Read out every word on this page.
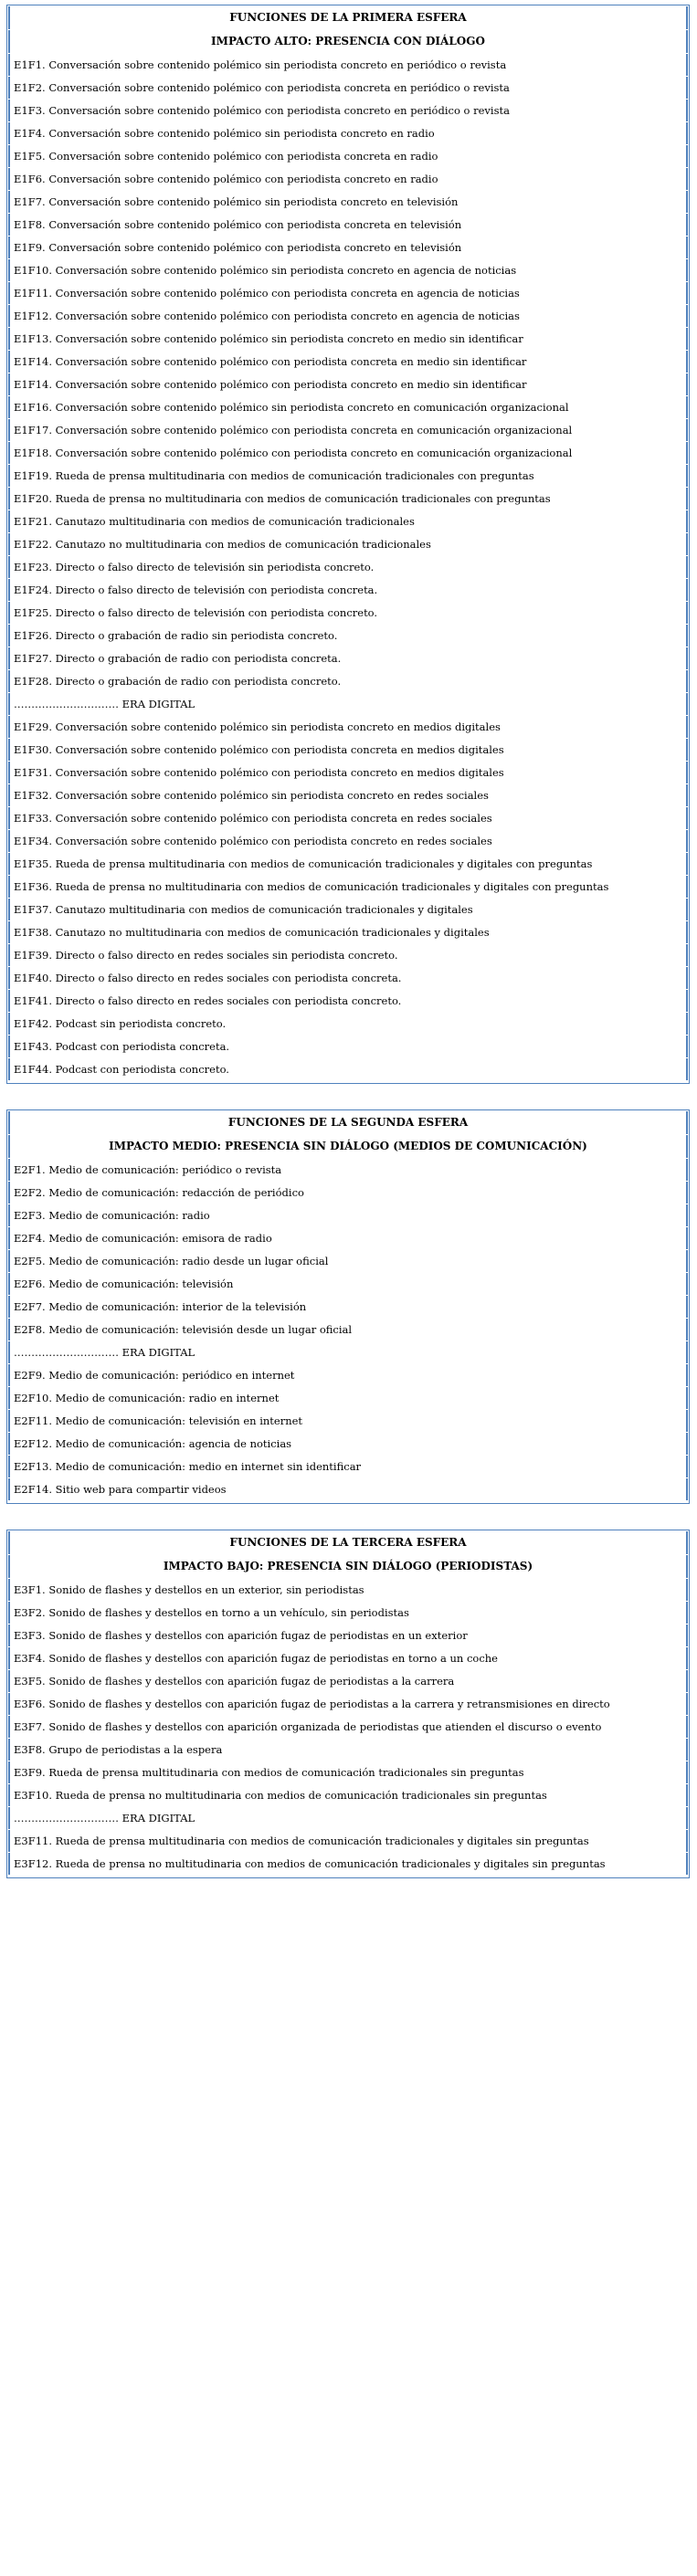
FUNCIONES DE LA PRIMERA ESFERA
IMPACTO ALTO: PRESENCIA CON DIÁLOGO
E1F1. Conversación sobre contenido polémico sin periodista concreto en periódico o revista
E1F2. Conversación sobre contenido polémico con periodista concreta en periódico o revista
E1F3. Conversación sobre contenido polémico con periodista concreto en periódico o revista
E1F4. Conversación sobre contenido polémico sin periodista concreto en radio
E1F5. Conversación sobre contenido polémico con periodista concreta en radio
E1F6. Conversación sobre contenido polémico con periodista concreto en radio
E1F7. Conversación sobre contenido polémico sin periodista concreto en televisión
E1F8. Conversación sobre contenido polémico con periodista concreta en televisión
E1F9. Conversación sobre contenido polémico con periodista concreto en televisión
E1F10. Conversación sobre contenido polémico sin periodista concreto en agencia de noticias
E1F11. Conversación sobre contenido polémico con periodista concreta en agencia de noticias
E1F12. Conversación sobre contenido polémico con periodista concreto en agencia de noticias
E1F13. Conversación sobre contenido polémico sin periodista concreto en medio sin identificar
E1F14. Conversación sobre contenido polémico con periodista concreta en medio sin identificar
E1F14. Conversación sobre contenido polémico con periodista concreto en medio sin identificar
E1F16. Conversación sobre contenido polémico sin periodista concreto en comunicación organizacional
E1F17. Conversación sobre contenido polémico con periodista concreta en comunicación organizacional
E1F18. Conversación sobre contenido polémico con periodista concreto en comunicación organizacional
E1F19. Rueda de prensa multitudinaria con medios de comunicación tradicionales con preguntas
E1F20. Rueda de prensa no multitudinaria con medios de comunicación tradicionales con preguntas
E1F21. Canutazo multitudinaria con medios de comunicación tradicionales
E1F22. Canutazo no multitudinaria con medios de comunicación tradicionales
E1F23. Directo o falso directo de televisión sin periodista concreto.
E1F24. Directo o falso directo de televisión con periodista concreta.
E1F25. Directo o falso directo de televisión con periodista concreto.
E1F26. Directo o grabación de radio sin periodista concreto.
E1F27. Directo o grabación de radio con periodista concreta.
E1F28. Directo o grabación de radio con periodista concreto.
………………………… ERA DIGITAL
E1F29. Conversación sobre contenido polémico sin periodista concreto en medios digitales
E1F30. Conversación sobre contenido polémico con periodista concreta en medios digitales
E1F31. Conversación sobre contenido polémico con periodista concreto en medios digitales
E1F32. Conversación sobre contenido polémico sin periodista concreto en redes sociales
E1F33. Conversación sobre contenido polémico con periodista concreta en redes sociales
E1F34. Conversación sobre contenido polémico con periodista concreto en redes sociales
E1F35. Rueda de prensa multitudinaria con medios de comunicación tradicionales y digitales con preguntas
E1F36. Rueda de prensa no multitudinaria con medios de comunicación tradicionales y digitales con preguntas
E1F37. Canutazo multitudinaria con medios de comunicación tradicionales y digitales
E1F38. Canutazo no multitudinaria con medios de comunicación tradicionales y digitales
E1F39. Directo o falso directo en redes sociales sin periodista concreto.
E1F40. Directo o falso directo en redes sociales con periodista concreta.
E1F41. Directo o falso directo en redes sociales con periodista concreto.
E1F42. Podcast sin periodista concreto.
E1F43. Podcast con periodista concreta.
E1F44. Podcast con periodista concreto.
FUNCIONES DE LA SEGUNDA ESFERA
IMPACTO MEDIO: PRESENCIA SIN DIÁLOGO (MEDIOS DE COMUNICACIÓN)
E2F1. Medio de comunicación: periódico o revista
E2F2. Medio de comunicación: redacción de periódico
E2F3. Medio de comunicación: radio
E2F4. Medio de comunicación: emisora de radio
E2F5. Medio de comunicación: radio desde un lugar oficial
E2F6. Medio de comunicación: televisión
E2F7. Medio de comunicación: interior de la televisión
E2F8. Medio de comunicación: televisión desde un lugar oficial
………………………… ERA DIGITAL
E2F9. Medio de comunicación: periódico en internet
E2F10. Medio de comunicación: radio en internet
E2F11. Medio de comunicación: televisión en internet
E2F12. Medio de comunicación: agencia de noticias
E2F13. Medio de comunicación: medio en internet sin identificar
E2F14. Sitio web para compartir videos
FUNCIONES DE LA TERCERA ESFERA
IMPACTO BAJO: PRESENCIA SIN DIÁLOGO (PERIODISTAS)
E3F1. Sonido de flashes y destellos en un exterior, sin periodistas
E3F2. Sonido de flashes y destellos en torno a un vehículo, sin periodistas
E3F3. Sonido de flashes y destellos con aparición fugaz de periodistas en un exterior
E3F4. Sonido de flashes y destellos con aparición fugaz de periodistas en torno a un coche
E3F5. Sonido de flashes y destellos con aparición fugaz de periodistas a la carrera
E3F6. Sonido de flashes y destellos con aparición fugaz de periodistas a la carrera y retransmisiones en directo
E3F7. Sonido de flashes y destellos con aparición organizada de periodistas que atienden el discurso o evento
E3F8. Grupo de periodistas a la espera
E3F9. Rueda de prensa multitudinaria con medios de comunicación tradicionales sin preguntas
E3F10. Rueda de prensa no multitudinaria con medios de comunicación tradicionales sin preguntas
………………………… ERA DIGITAL
E3F11. Rueda de prensa multitudinaria con medios de comunicación tradicionales y digitales sin preguntas
E3F12. Rueda de prensa no multitudinaria con medios de comunicación tradicionales y digitales sin preguntas
